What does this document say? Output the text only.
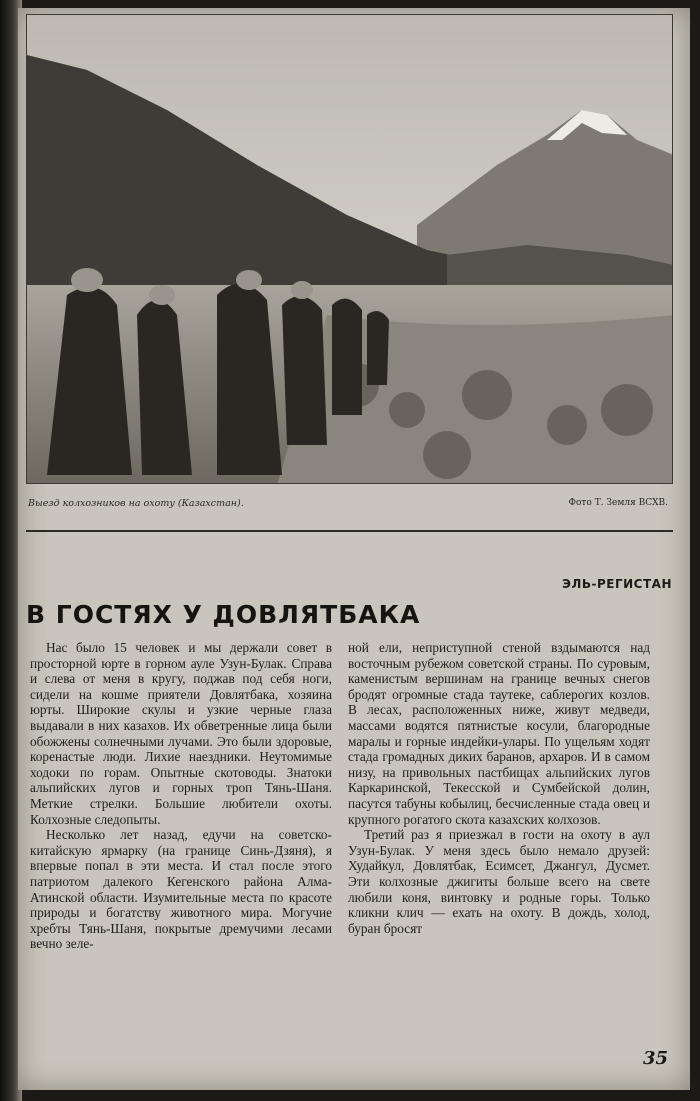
Выезд колхозников на охоту (Казахстан).	Фото Т. Земля ВСХВ.
ЭЛЬ-РЕГИСТАН
В ГОСТЯХ У ДОВЛЯТБАКА

Нас было 15 человек и мы держали совет в просторной юрте в горном ауле Узун-Булак. Справа и слева от меня в кругу, поджав под себя ноги, сидели на кошме приятели Довлятбака, хозяина юрты. Широкие скулы и узкие черные глаза выдавали в них казахов. Их обветренные лица были обожжены солнечными лучами. Это были здоровые, коренастые люди. Лихие наездники. Неутомимые ходоки по горам. Опытные скотоводы. Знатоки альпийских лугов и горных троп Тянь-Шаня. Меткие стрелки. Большие любители охоты. Колхозные следопыты.

Несколько лет назад, едучи на советско-китайскую ярмарку (на границе Синь-Дзяня), я впервые попал в эти места. И стал после этого патриотом далекого Кегенского района Алма-Атинской области. Изумительные места по красоте природы и богатству животного мира. Могучие хребты Тянь-Шаня, покрытые дремучими лесами вечно зеле-

ной ели, неприступной стеной вздымаются над восточным рубежом советской страны. По суровым, каменистым вершинам на границе вечных снегов бродят огромные стада таутеке, саблерогих козлов. В лесах, расположенных ниже, живут медведи, массами водятся пятнистые косули, благородные маралы и горные индейки-улары. По ущельям ходят стада громадных диких баранов, архаров. И в самом низу, на привольных пастбищах альпийских лугов Каркаринской, Текесской и Сумбейской долин, пасутся табуны кобылиц, бесчисленные стада овец и крупного рогатого скота казахских колхозов.

Третий раз я приезжал в гости на охоту в аул Узун-Булак. У меня здесь было немало друзей: Худайкул, Довлятбак, Есимсет, Джангул, Дусмет. Эти колхозные джигиты больше всего на свете любили коня, винтовку и родные горы. Только кликни клич — ехать на охоту. В дождь, холод, буран бросят

35
